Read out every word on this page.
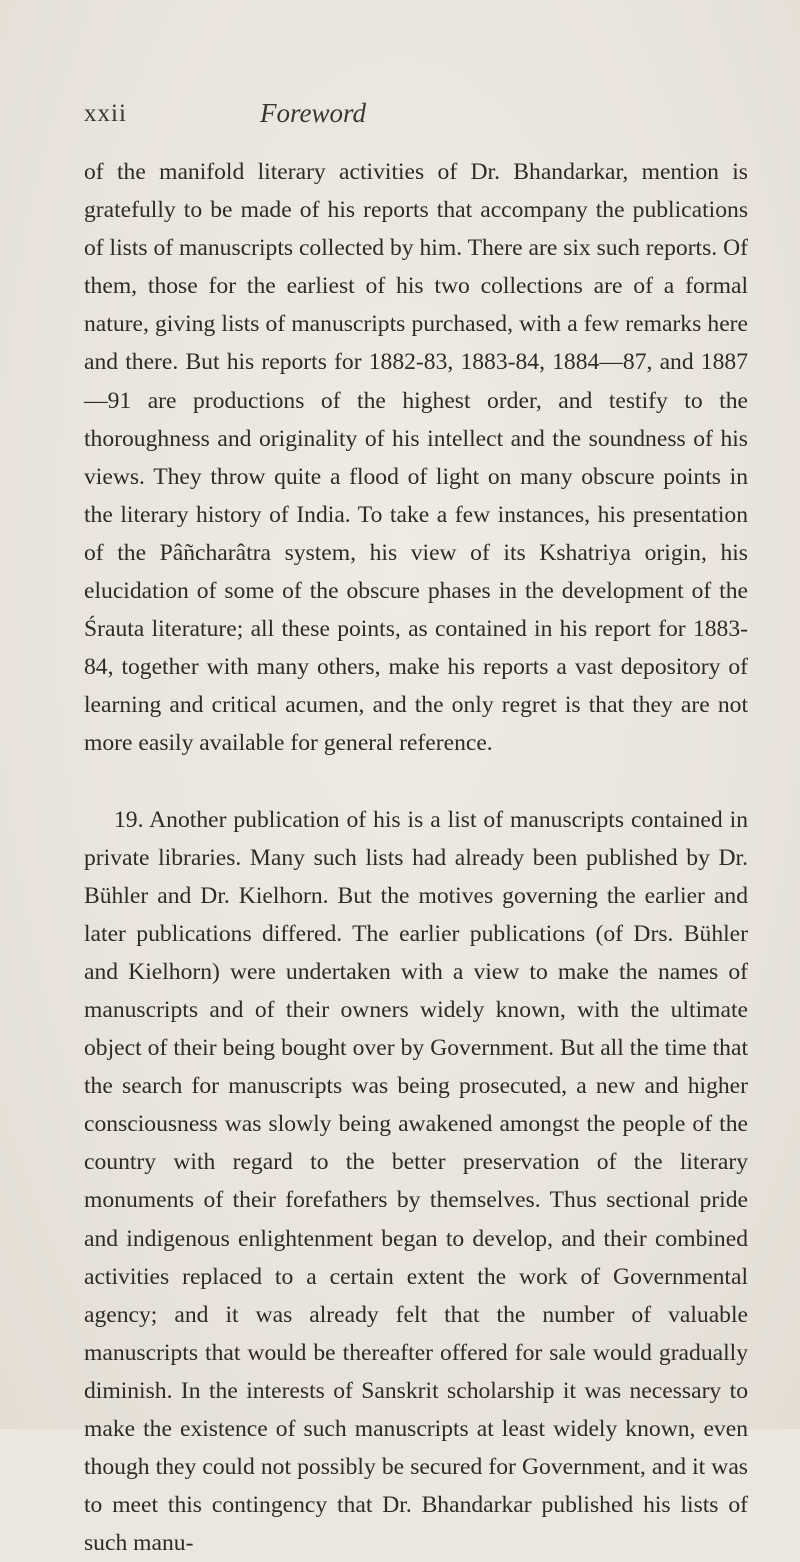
xxii	Foreword

of the manifold literary activities of Dr. Bhandarkar, mention is gratefully to be made of his reports that accompany the publications of lists of manuscripts collected by him. There are six such reports. Of them, those for the earliest of his two collections are of a formal nature, giving lists of manuscripts purchased, with a few remarks here and there. But his reports for 1882-83, 1883-84, 1884—87, and 1887—91 are productions of the highest order, and testify to the thoroughness and originality of his intellect and the soundness of his views. They throw quite a flood of light on many obscure points in the literary history of India. To take a few instances, his presentation of the Pâñcharâtra system, his view of its Kshatriya origin, his elucidation of some of the obscure phases in the development of the Śrauta literature; all these points, as contained in his report for 1883-84, together with many others, make his reports a vast depository of learning and critical acumen, and the only regret is that they are not more easily available for general reference.

19. Another publication of his is a list of manuscripts contained in private libraries. Many such lists had already been published by Dr. Bühler and Dr. Kielhorn. But the motives governing the earlier and later publications differed. The earlier publications (of Drs. Bühler and Kielhorn) were undertaken with a view to make the names of manuscripts and of their owners widely known, with the ultimate object of their being bought over by Government. But all the time that the search for manuscripts was being prosecuted, a new and higher consciousness was slowly being awakened amongst the people of the country with regard to the better preservation of the literary monuments of their forefathers by themselves. Thus sectional pride and indigenous enlightenment began to develop, and their combined activities replaced to a certain extent the work of Governmental agency; and it was already felt that the number of valuable manuscripts that would be thereafter offered for sale would gradually diminish. In the interests of Sanskrit scholarship it was necessary to make the existence of such manuscripts at least widely known, even though they could not possibly be secured for Government, and it was to meet this contingency that Dr. Bhandarkar published his lists of such manu-
